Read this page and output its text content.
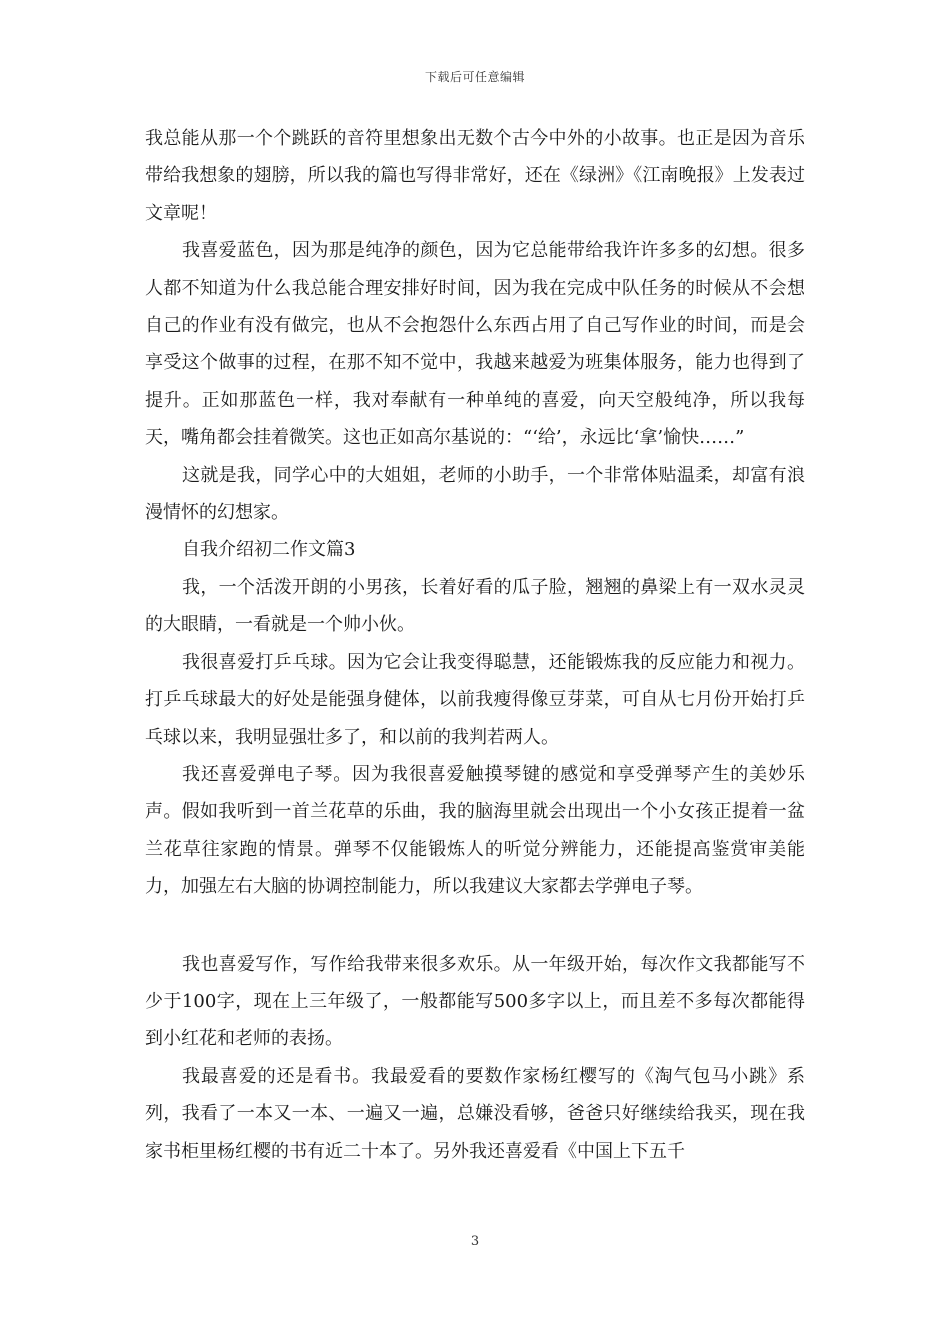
下载后可任意编辑

我总能从那一个个跳跃的音符里想象出无数个古今中外的小故事。也正是因为音乐带给我想象的翅膀，所以我的篇也写得非常好，还在《绿洲》《江南晚报》上发表过文章呢！

我喜爱蓝色，因为那是纯净的颜色，因为它总能带给我许许多多的幻想。很多人都不知道为什么我总能合理安排好时间，因为我在完成中队任务的时候从不会想自己的作业有没有做完，也从不会抱怨什么东西占用了自己写作业的时间，而是会享受这个做事的过程，在那不知不觉中，我越来越爱为班集体服务，能力也得到了提升。正如那蓝色一样，我对奉献有一种单纯的喜爱，向天空般纯净，所以我每天，嘴角都会挂着微笑。这也正如高尔基说的：“‘给’，永远比‘拿’愉快……”

这就是我，同学心中的大姐姐，老师的小助手，一个非常体贴温柔，却富有浪漫情怀的幻想家。

自我介绍初二作文篇3

我，一个活泼开朗的小男孩，长着好看的瓜子脸，翘翘的鼻梁上有一双水灵灵的大眼睛，一看就是一个帅小伙。

我很喜爱打乒乓球。因为它会让我变得聪慧，还能锻炼我的反应能力和视力。打乒乓球最大的好处是能强身健体，以前我瘦得像豆芽菜，可自从七月份开始打乒乓球以来，我明显强壮多了，和以前的我判若两人。

我还喜爱弹电子琴。因为我很喜爱触摸琴键的感觉和享受弹琴产生的美妙乐声。假如我听到一首兰花草的乐曲，我的脑海里就会出现出一个小女孩正提着一盆兰花草往家跑的情景。弹琴不仅能锻炼人的听觉分辨能力，还能提高鉴赏审美能力，加强左右大脑的协调控制能力，所以我建议大家都去学弹电子琴。

我也喜爱写作，写作给我带来很多欢乐。从一年级开始，每次作文我都能写不少于100字，现在上三年级了，一般都能写500多字以上，而且差不多每次都能得到小红花和老师的表扬。

我最喜爱的还是看书。我最爱看的要数作家杨红樱写的《淘气包马小跳》系列，我看了一本又一本、一遍又一遍，总嫌没看够，爸爸只好继续给我买，现在我家书柜里杨红樱的书有近二十本了。另外我还喜爱看《中国上下五千

3
